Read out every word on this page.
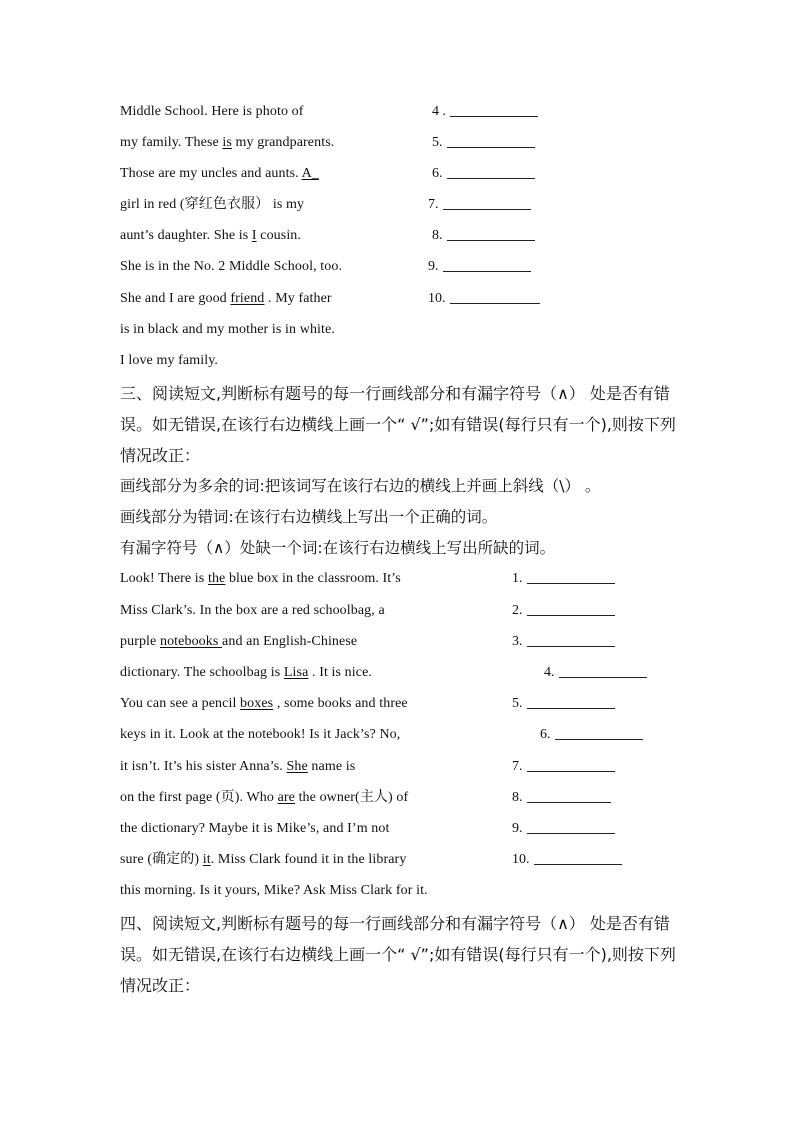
Middle School. Here is photo of	4 .
my family. These is my grandparents.	5.
Those are my uncles and aunts. A_	6.
girl in red (穿红色衣服） is my	7.
aunt’s daughter. She is I cousin.	8.
She is in the No. 2 Middle School, too.	9.
She and I are good friend . My father	10.
is in black and my mother is in white.
I love my family.
三、阅读短文,判断标有题号的每一行画线部分和有漏字符号（∧） 处是否有错
误。如无错误,在该行右边横线上画一个“ √”;如有错误(每行只有一个),则按下列
情况改正：
画线部分为多余的词:把该词写在该行右边的横线上并画上斜线（\） 。
画线部分为错词:在该行右边横线上写出一个正确的词。
有漏字符号（∧）处缺一个词:在该行右边横线上写出所缺的词。
Look! There is the blue box in the classroom. It’s	1.
Miss Clark’s. In the box are a red schoolbag, a	2.
purple notebooks and an English-Chinese	3.
dictionary. The schoolbag is Lisa . It is nice.	4.
You can see a pencil boxes , some books and three	5.
keys in it. Look at the notebook! Is it Jack’s? No,	6.
it isn’t. It’s his sister Anna’s. She name is	7.
on the first page (页). Who are the owner(主人) of	8.
the dictionary? Maybe it is Mike’s, and I’m not	9.
sure (确定的) it. Miss Clark found it in the library	10.
this morning. Is it yours, Mike? Ask Miss Clark for it.
四、阅读短文,判断标有题号的每一行画线部分和有漏字符号（∧） 处是否有错
误。如无错误,在该行右边横线上画一个“ √”;如有错误(每行只有一个),则按下列
情况改正：
